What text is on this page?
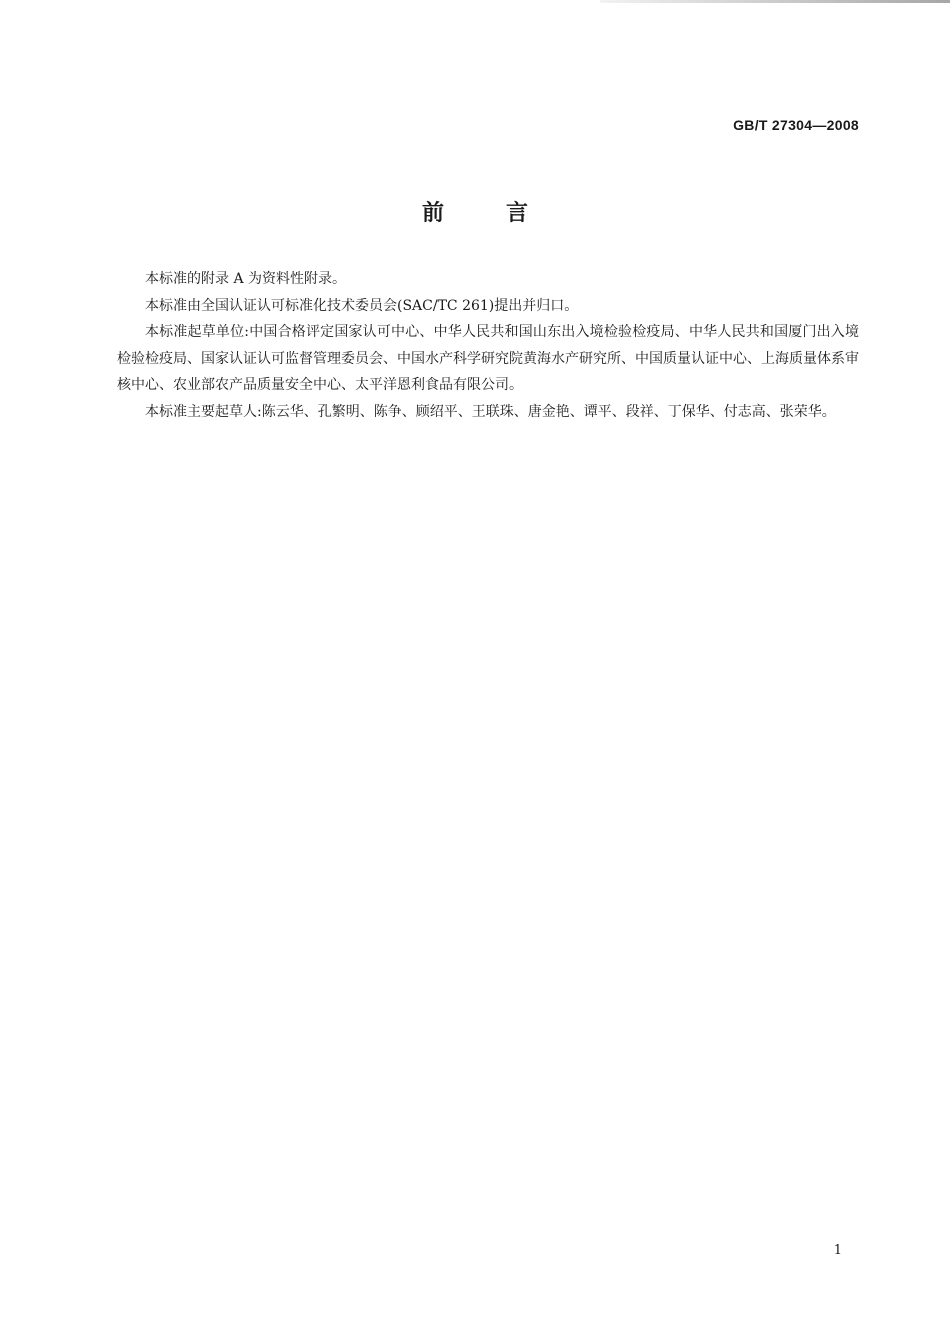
GB/T 27304—2008
前言

本标准的附录 A 为资料性附录。

本标准由全国认证认可标准化技术委员会(SAC/TC 261)提出并归口。

本标准起草单位:中国合格评定国家认可中心、中华人民共和国山东出入境检验检疫局、中华人民共和国厦门出入境检验检疫局、国家认证认可监督管理委员会、中国水产科学研究院黄海水产研究所、中国质量认证中心、上海质量体系审核中心、农业部农产品质量安全中心、太平洋恩利食品有限公司。

本标准主要起草人:陈云华、孔繁明、陈争、顾绍平、王联珠、唐金艳、谭平、段祥、丁保华、付志高、张荣华。

1
